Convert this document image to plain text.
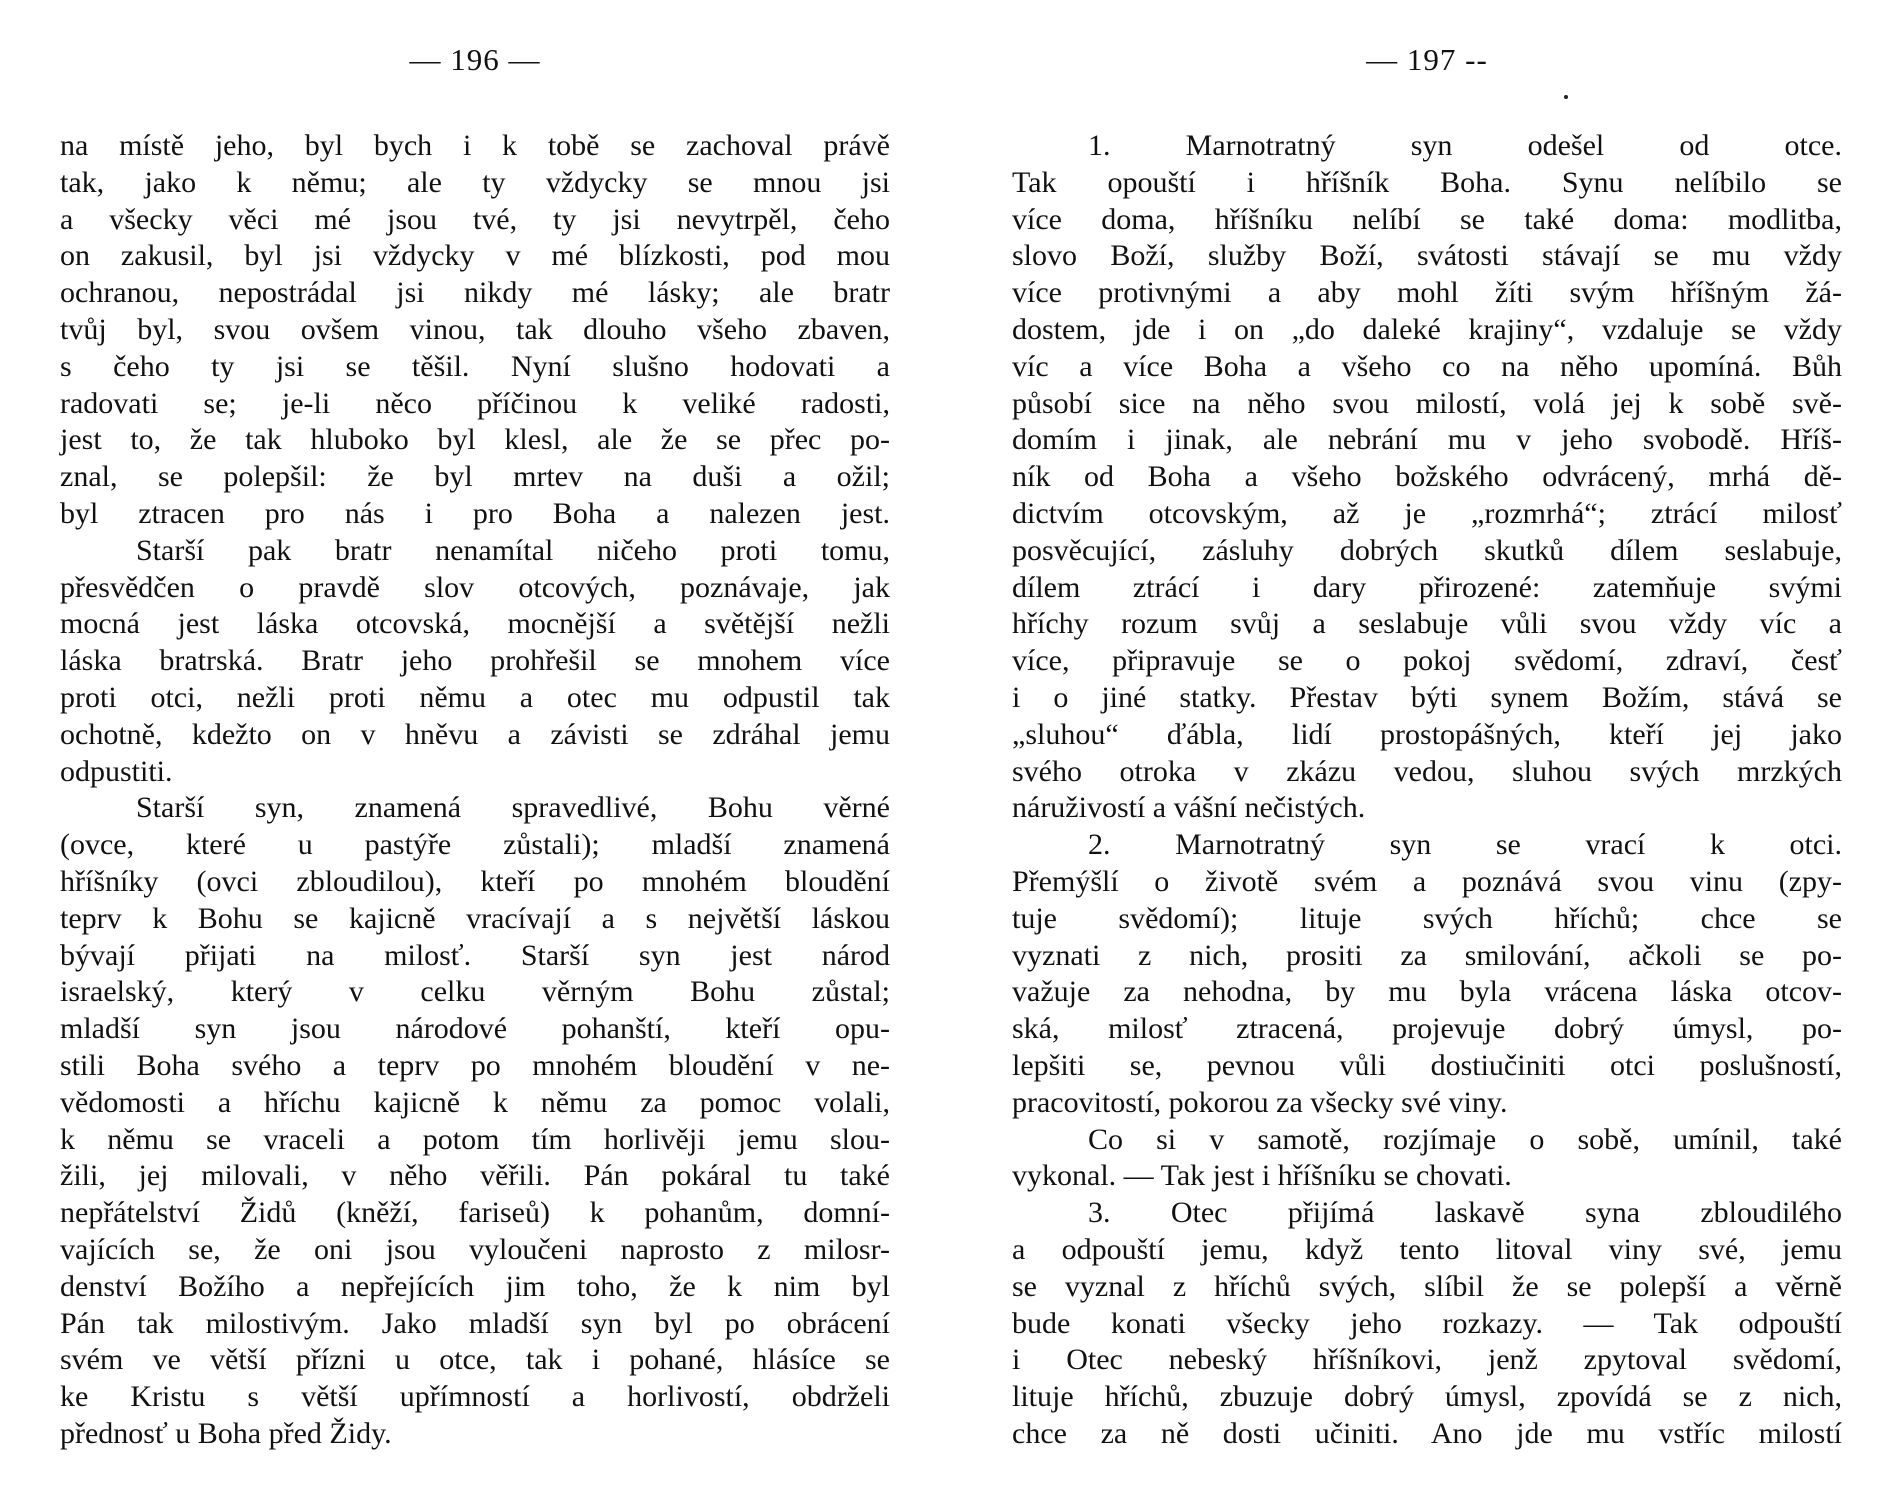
— 196 —
na místě jeho, byl bych i k tobě se zachoval právě
tak, jako k němu; ale ty vždycky se mnou jsi
a všecky věci mé jsou tvé, ty jsi nevytrpěl, čeho
on zakusil, byl jsi vždycky v mé blízkosti, pod mou
ochranou, nepostrádal jsi nikdy mé lásky; ale bratr
tvůj byl, svou ovšem vinou, tak dlouho všeho zbaven,
s čeho ty jsi se těšil. Nyní slušno hodovati a
radovati se; je-li něco příčinou k veliké radosti,
jest to, že tak hluboko byl klesl, ale že se přec po-
znal, se polepšil: že byl mrtev na duši a ožil;
byl ztracen pro nás i pro Boha a nalezen jest.
Starší pak bratr nenamítal ničeho proti tomu,
přesvědčen o pravdě slov otcových, poznávaje, jak
mocná jest láska otcovská, mocnější a světější nežli
láska bratrská. Bratr jeho prohřešil se mnohem více
proti otci, nežli proti němu a otec mu odpustil tak
ochotně, kdežto on v hněvu a závisti se zdráhal jemu
odpustiti.
Starší syn, znamená spravedlivé, Bohu věrné
(ovce, které u pastýře zůstali); mladší znamená
hříšníky (ovci zbloudilou), kteří po mnohém bloudění
teprv k Bohu se kajicně vracívají a s největší láskou
bývají přijati na milosť. Starší syn jest národ
israelský, který v celku věrným Bohu zůstal;
mladší syn jsou národové pohanští, kteří opu-
stili Boha svého a teprv po mnohém bloudění v ne-
vědomosti a hříchu kajicně k němu za pomoc volali,
k němu se vraceli a potom tím horlivěji jemu slou-
žili, jej milovali, v něho věřili. Pán pokáral tu také
nepřátelství Židů (kněží, fariseů) k pohanům, domní-
vajících se, že oni jsou vyloučeni naprosto z milosr-
denství Božího a nepřejících jim toho, že k nim byl
Pán tak milostivým. Jako mladší syn byl po obrácení
svém ve větší přízni u otce, tak i pohané, hlásíce se
ke Kristu s větší upřímností a horlivostí, obdrželi
přednosť u Boha před Židy.
— 197 --
1. Marnotratný syn odešel od otce.
Tak opouští i hříšník Boha. Synu nelíbilo se
více doma, hříšníku nelíbí se také doma: modlitba,
slovo Boží, služby Boží, svátosti stávají se mu vždy
více protivnými a aby mohl žíti svým hříšným žá-
dostem, jde i on „do daleké krajiny“, vzdaluje se vždy
víc a více Boha a všeho co na něho upomíná. Bůh
působí sice na něho svou milostí, volá jej k sobě svě-
domím i jinak, ale nebrání mu v jeho svobodě. Hříš-
ník od Boha a všeho božského odvrácený, mrhá dě-
dictvím otcovským, až je „rozmrhá“; ztrácí milosť
posvěcující, zásluhy dobrých skutků dílem seslabuje,
dílem ztrácí i dary přirozené: zatemňuje svými
hříchy rozum svůj a seslabuje vůli svou vždy víc a
více, připravuje se o pokoj svědomí, zdraví, česť
i o jiné statky. Přestav býti synem Božím, stává se
„sluhou“ ďábla, lidí prostopášných, kteří jej jako
svého otroka v zkázu vedou, sluhou svých mrzkých
náruživostí a vášní nečistých.
2. Marnotratný syn se vrací k otci.
Přemýšlí o životě svém a poznává svou vinu (zpy-
tuje svědomí); lituje svých hříchů; chce se
vyznati z nich, prositi za smilování, ačkoli se po-
važuje za nehodna, by mu byla vrácena láska otcov-
ská, milosť ztracená, projevuje dobrý úmysl, po-
lepšiti se, pevnou vůli dostiučiniti otci poslušností,
pracovitostí, pokorou za všecky své viny.
Co si v samotě, rozjímaje o sobě, umínil, také
vykonal. — Tak jest i hříšníku se chovati.
3. Otec přijímá laskavě syna zbloudilého
a odpouští jemu, když tento litoval viny své, jemu
se vyznal z hříchů svých, slíbil že se polepší a věrně
bude konati všecky jeho rozkazy. — Tak odpouští
i Otec nebeský hříšníkovi, jenž zpytoval svědomí,
lituje hříchů, zbuzuje dobrý úmysl, zpovídá se z nich,
chce za ně dosti učiniti. Ano jde mu vstříc milostí
